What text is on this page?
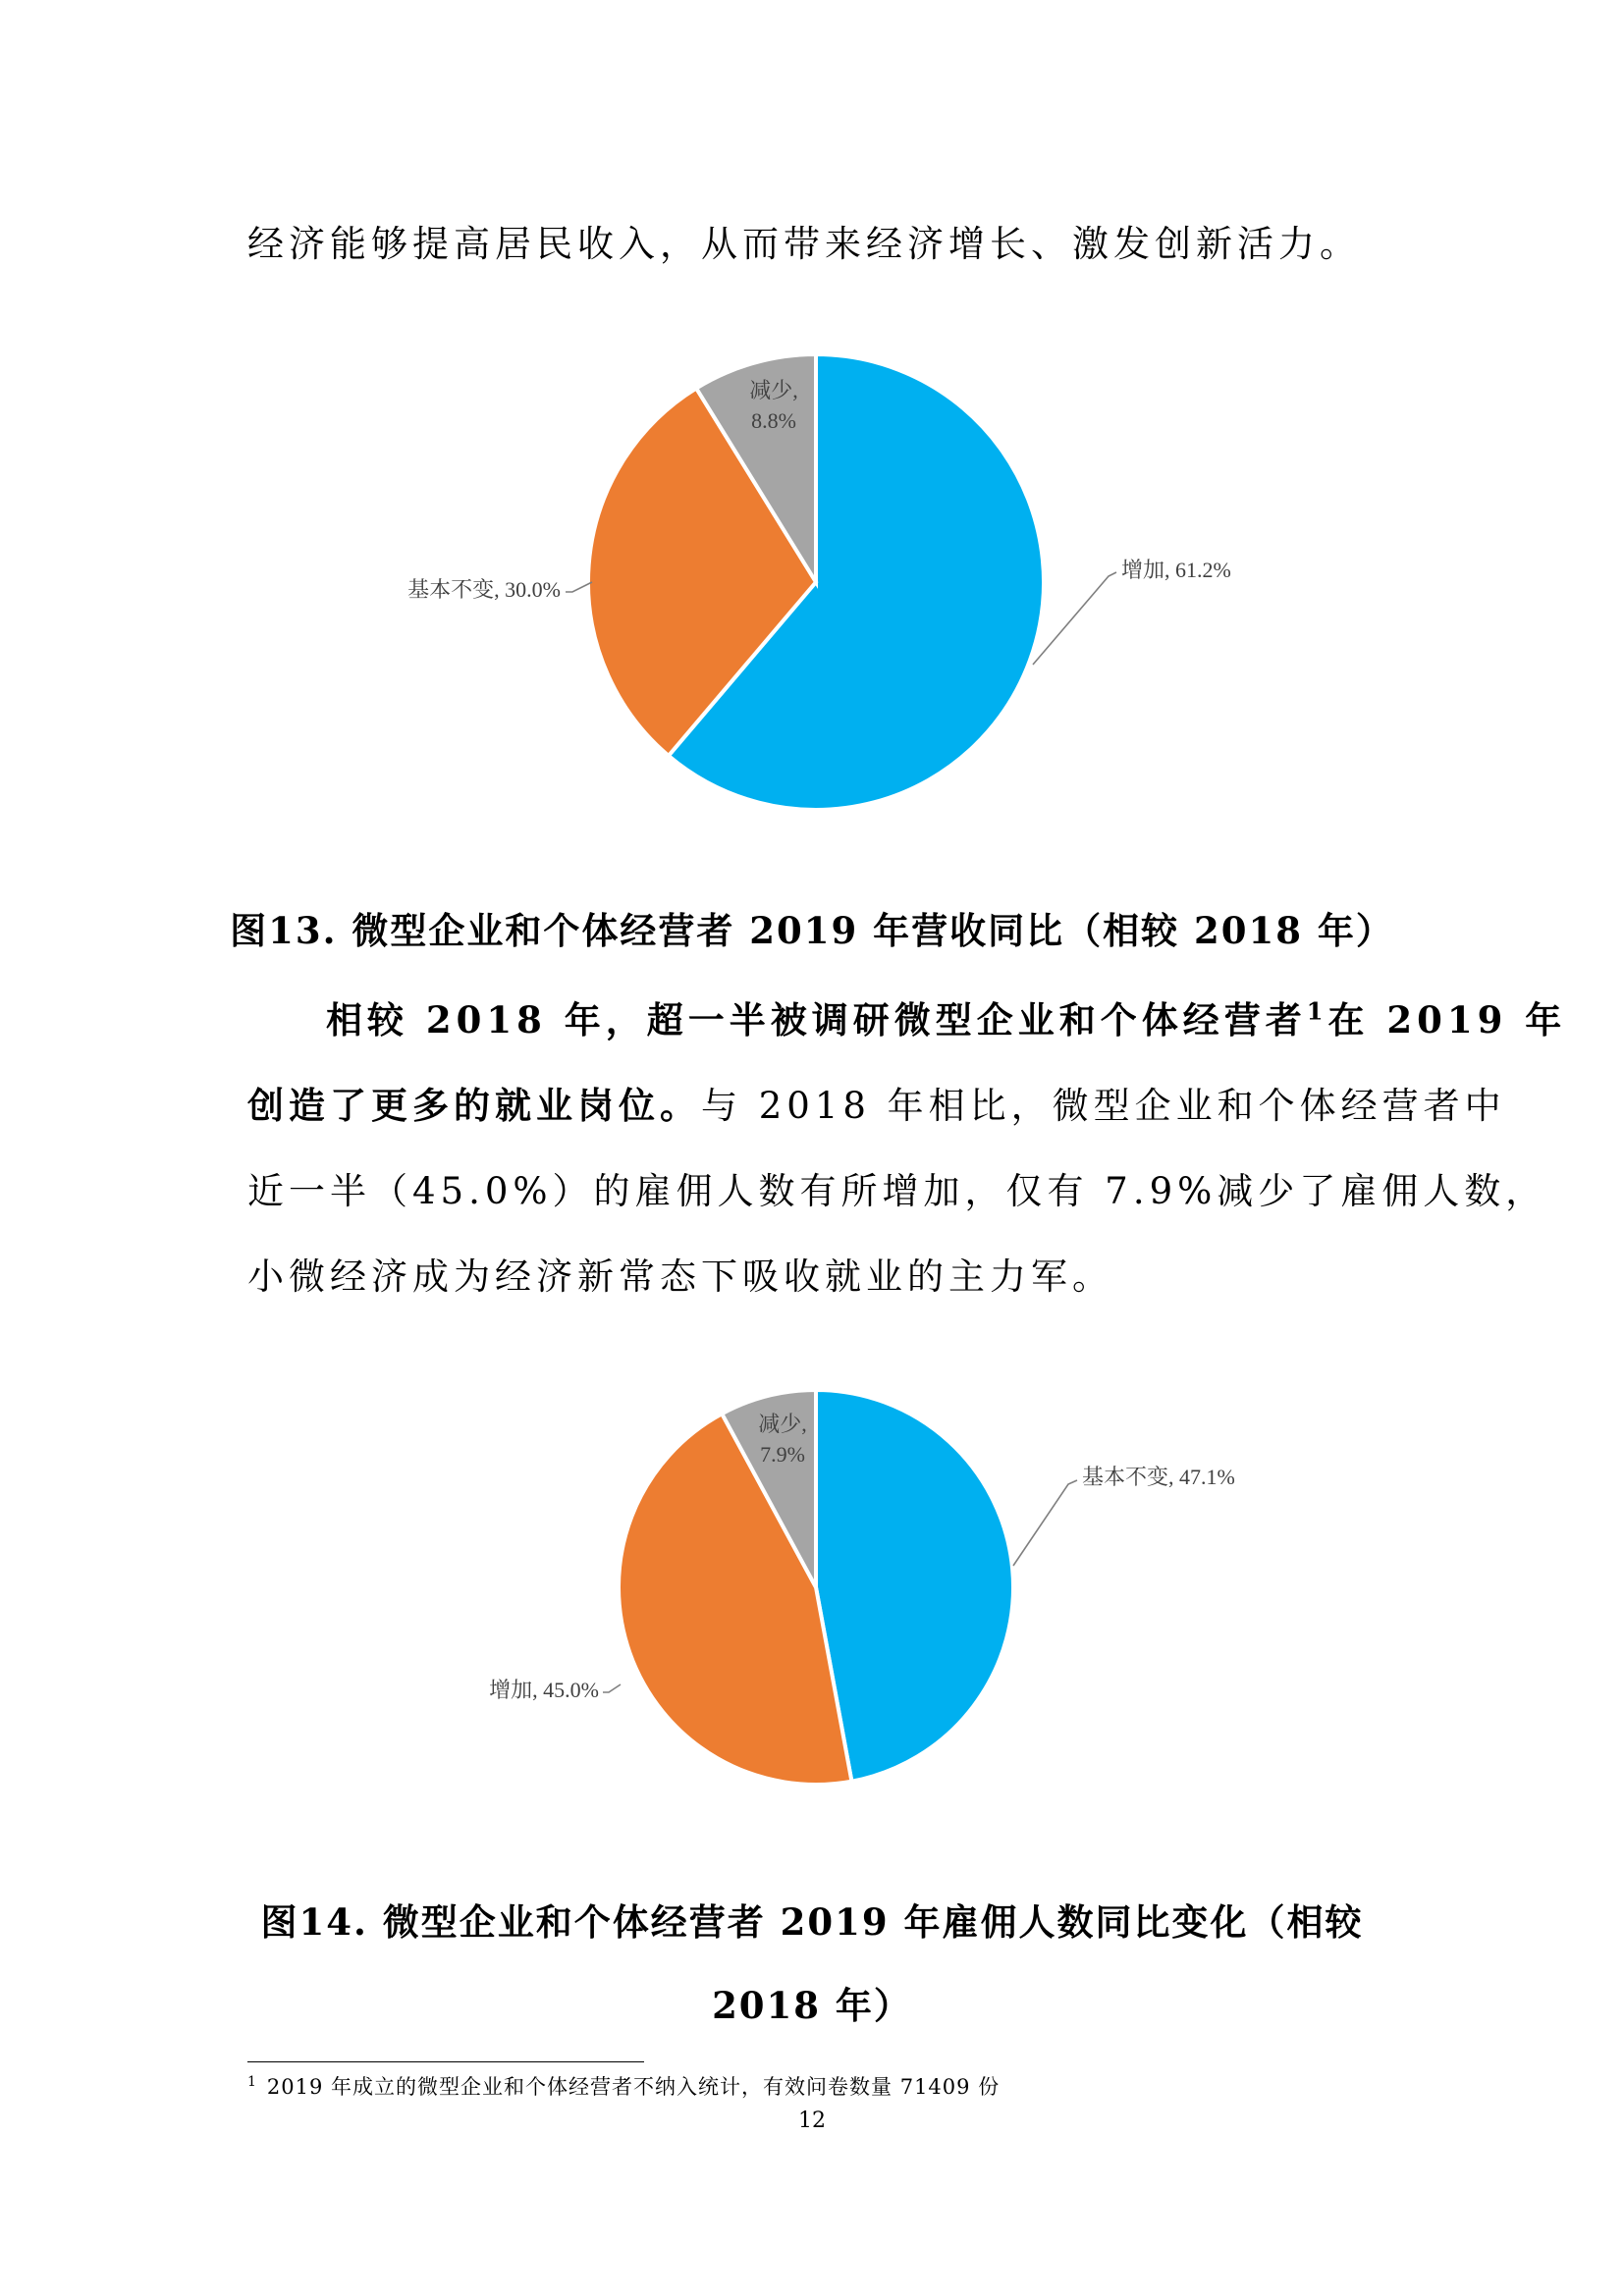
经济能够提高居民收入，从而带来经济增长、激发创新活力。

增加, 61.2%
基本不变, 30.0%
减少,
8.8%

图13. 微型企业和个体经营者 2019 年营收同比（相较 2018 年）

相较 2018 年，超一半被调研微型企业和个体经营者$^1$在 2019 年

创造了更多的就业岗位。与 2018 年相比，微型企业和个体经营者中

近一半（45.0%）的雇佣人数有所增加，仅有 7.9%减少了雇佣人数，

小微经济成为经济新常态下吸收就业的主力军。

基本不变, 47.1%
增加, 45.0%
减少,
7.9%

图14. 微型企业和个体经营者 2019 年雇佣人数同比变化（相较

2018 年）

$^1$ 2019 年成立的微型企业和个体经营者不纳入统计，有效问卷数量 71409 份

12
